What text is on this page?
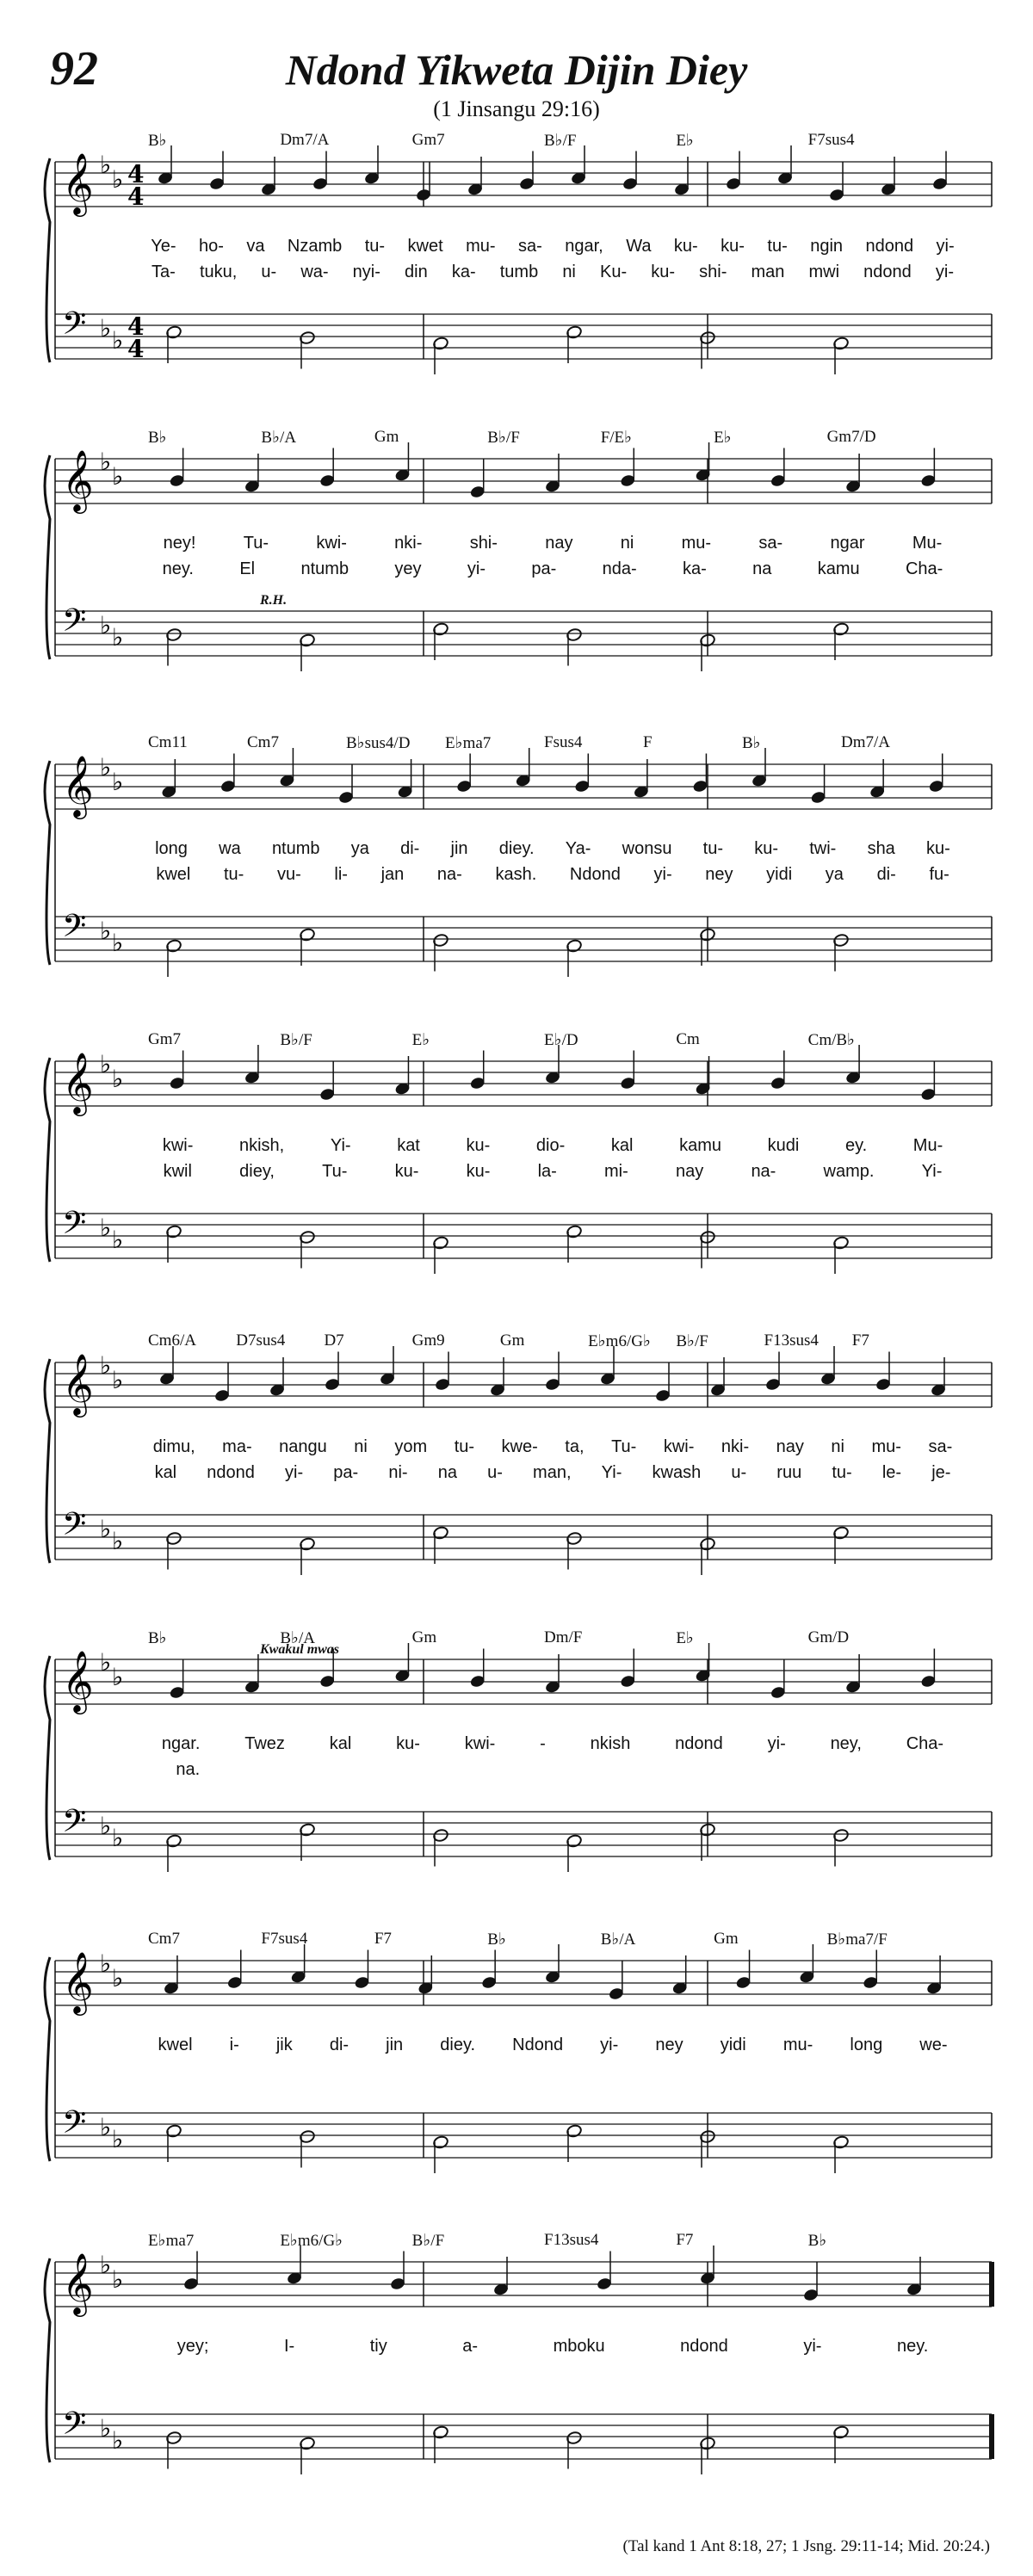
92	Ndond Yikweta Dijin Diey
(1 Jinsangu 29:16)
𝄞 ♭
♭ 4
4
𝄢 ♭ ♭ 4
4
B♭	Dm7/A	Gm7	B♭/F	E♭	F7sus4
Ye-	ho-	va	Nzamb	tu-	kwet	mu-	sa-	ngar,	Wa	ku-	ku-	tu-	ngin	ndond	yi-
Ta-	tuku,	u-	wa-	nyi-	din	ka-	tumb	ni	Ku-	ku-	shi-	man	mwi	ndond	yi-
𝄞 ♭
♭
𝄢 ♭ ♭
B♭	B♭/A	Gm	B♭/F	F/E♭	E♭	Gm7/D
R.H.
ney!	Tu-	kwi-	nki-	shi-	nay	ni	mu-	sa-	ngar	Mu-
ney.	El	ntumb	yey	yi-	pa-	nda-	ka-	na	kamu	Cha-
𝄞 ♭
♭
𝄢 ♭ ♭
Cm11	Cm7	B♭sus4/D E♭ma7	Fsus4	F	B♭	Dm7/A
long	wa	ntumb	ya	di-	jin	diey.	Ya-	wonsu	tu-	ku-	twi-	sha	ku-
kwel	tu-	vu-	li-	jan	na-	kash.	Ndond	yi-	ney	yidi	ya	di-	fu-
𝄞 ♭
♭
𝄢 ♭ ♭
Gm7	B♭/F	E♭	E♭/D	Cm	Cm/B♭
kwi-	nkish,	Yi-	kat	ku-	dio-	kal	kamu	kudi	ey.	Mu-
kwil	diey,	Tu-	ku-	ku-	la-	mi-	nay	na-	wamp.	Yi-
𝄞 ♭
♭
𝄢 ♭ ♭
Cm6/A D7sus4 D7	Gm9	Gm	E♭m6/G♭ B♭/F	F13sus4 F7
dimu,	ma-	nangu	ni	yom	tu-	kwe-	ta,	Tu-	kwi-	nki-	nay	ni	mu-	sa-
kal	ndond	yi-	pa-	ni-	na	u-	man,	Yi-	kwash	u-	ruu	tu-	le-	je-
𝄞 ♭
♭
𝄢 ♭ ♭
B♭	B♭/A	Gm	Dm/F	E♭	Gm/D
Kwakul mwas
ngar.	Twez	kal	ku-	kwi-	-	nkish	ndond	yi-	ney,	Cha-
na.
𝄞 ♭
♭
𝄢 ♭ ♭
Cm7	F7sus4	F7	B♭	B♭/A	Gm	B♭ma7/F
kwel	i-	jik	di-	jin	diey.	Ndond	yi-	ney	yidi	mu-	long	we-
𝄞 ♭
♭
𝄢 ♭ ♭
E♭ma7	E♭m6/G♭	B♭/F	F13sus4	F7	B♭
yey;	I-	tiy	a-	mboku	ndond	yi-	ney.
(Tal kand 1 Ant 8:18, 27; 1 Jsng. 29:11-14; Mid. 20:24.)
